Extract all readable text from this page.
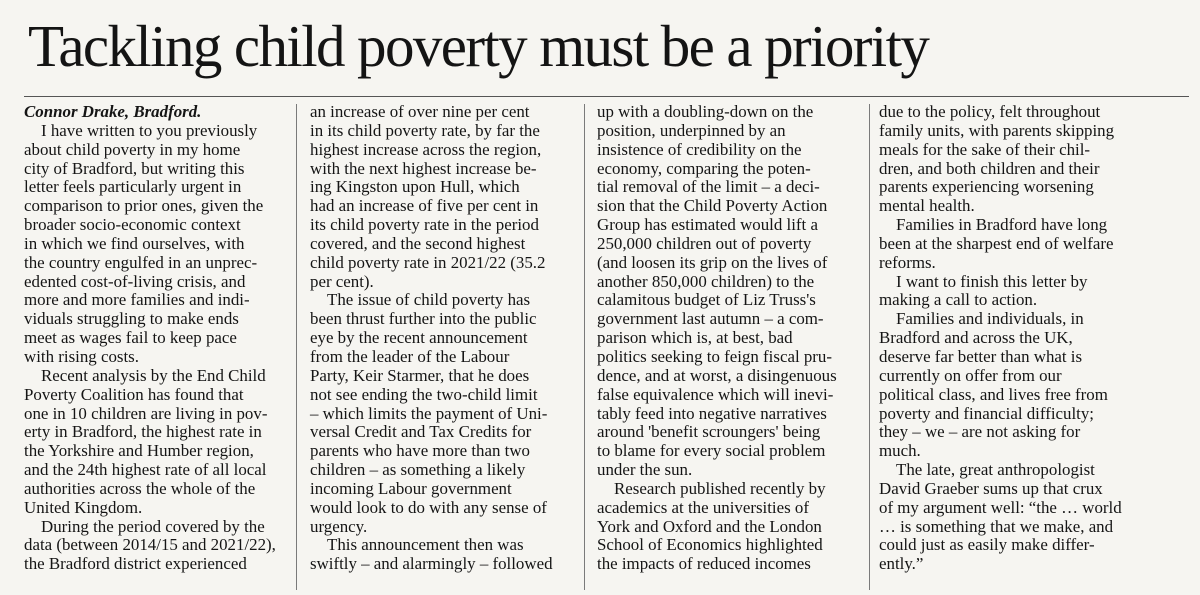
Tackling child poverty must be a priority

Connor Drake, Bradford.

I have written to you previously

about child poverty in my home

city of Bradford, but writing this

letter feels particularly urgent in

comparison to prior ones, given the

broader socio-economic context

in which we find ourselves, with

the country engulfed in an unprec-

edented cost-of-living crisis, and

more and more families and indi-

viduals struggling to make ends

meet as wages fail to keep pace

with rising costs.

Recent analysis by the End Child

Poverty Coalition has found that

one in 10 children are living in pov-

erty in Bradford, the highest rate in

the Yorkshire and Humber region,

and the 24th highest rate of all local

authorities across the whole of the

United Kingdom.

During the period covered by the

data (between 2014/15 and 2021/22),

the Bradford district experienced

an increase of over nine per cent

in its child poverty rate, by far the

highest increase across the region,

with the next highest increase be-

ing Kingston upon Hull, which

had an increase of five per cent in

its child poverty rate in the period

covered, and the second highest

child poverty rate in 2021/22 (35.2

per cent).

The issue of child poverty has

been thrust further into the public

eye by the recent announcement

from the leader of the Labour

Party, Keir Starmer, that he does

not see ending the two-child limit

– which limits the payment of Uni-

versal Credit and Tax Credits for

parents who have more than two

children – as something a likely

incoming Labour government

would look to do with any sense of

urgency.

This announcement then was

swiftly – and alarmingly – followed

up with a doubling-down on the

position, underpinned by an

insistence of credibility on the

economy, comparing the poten-

tial removal of the limit – a deci-

sion that the Child Poverty Action

Group has estimated would lift a

250,000 children out of poverty

(and loosen its grip on the lives of

another 850,000 children) to the

calamitous budget of Liz Truss's

government last autumn – a com-

parison which is, at best, bad

politics seeking to feign fiscal pru-

dence, and at worst, a disingenuous

false equivalence which will inevi-

tably feed into negative narratives

around 'benefit scroungers' being

to blame for every social problem

under the sun.

Research published recently by

academics at the universities of

York and Oxford and the London

School of Economics highlighted

the impacts of reduced incomes

due to the policy, felt throughout

family units, with parents skipping

meals for the sake of their chil-

dren, and both children and their

parents experiencing worsening

mental health.

Families in Bradford have long

been at the sharpest end of welfare

reforms.

I want to finish this letter by

making a call to action.

Families and individuals, in

Bradford and across the UK,

deserve far better than what is

currently on offer from our

political class, and lives free from

poverty and financial difficulty;

they – we – are not asking for

much.

The late, great anthropologist

David Graeber sums up that crux

of my argument well: “the … world

… is something that we make, and

could just as easily make differ-

ently.”
